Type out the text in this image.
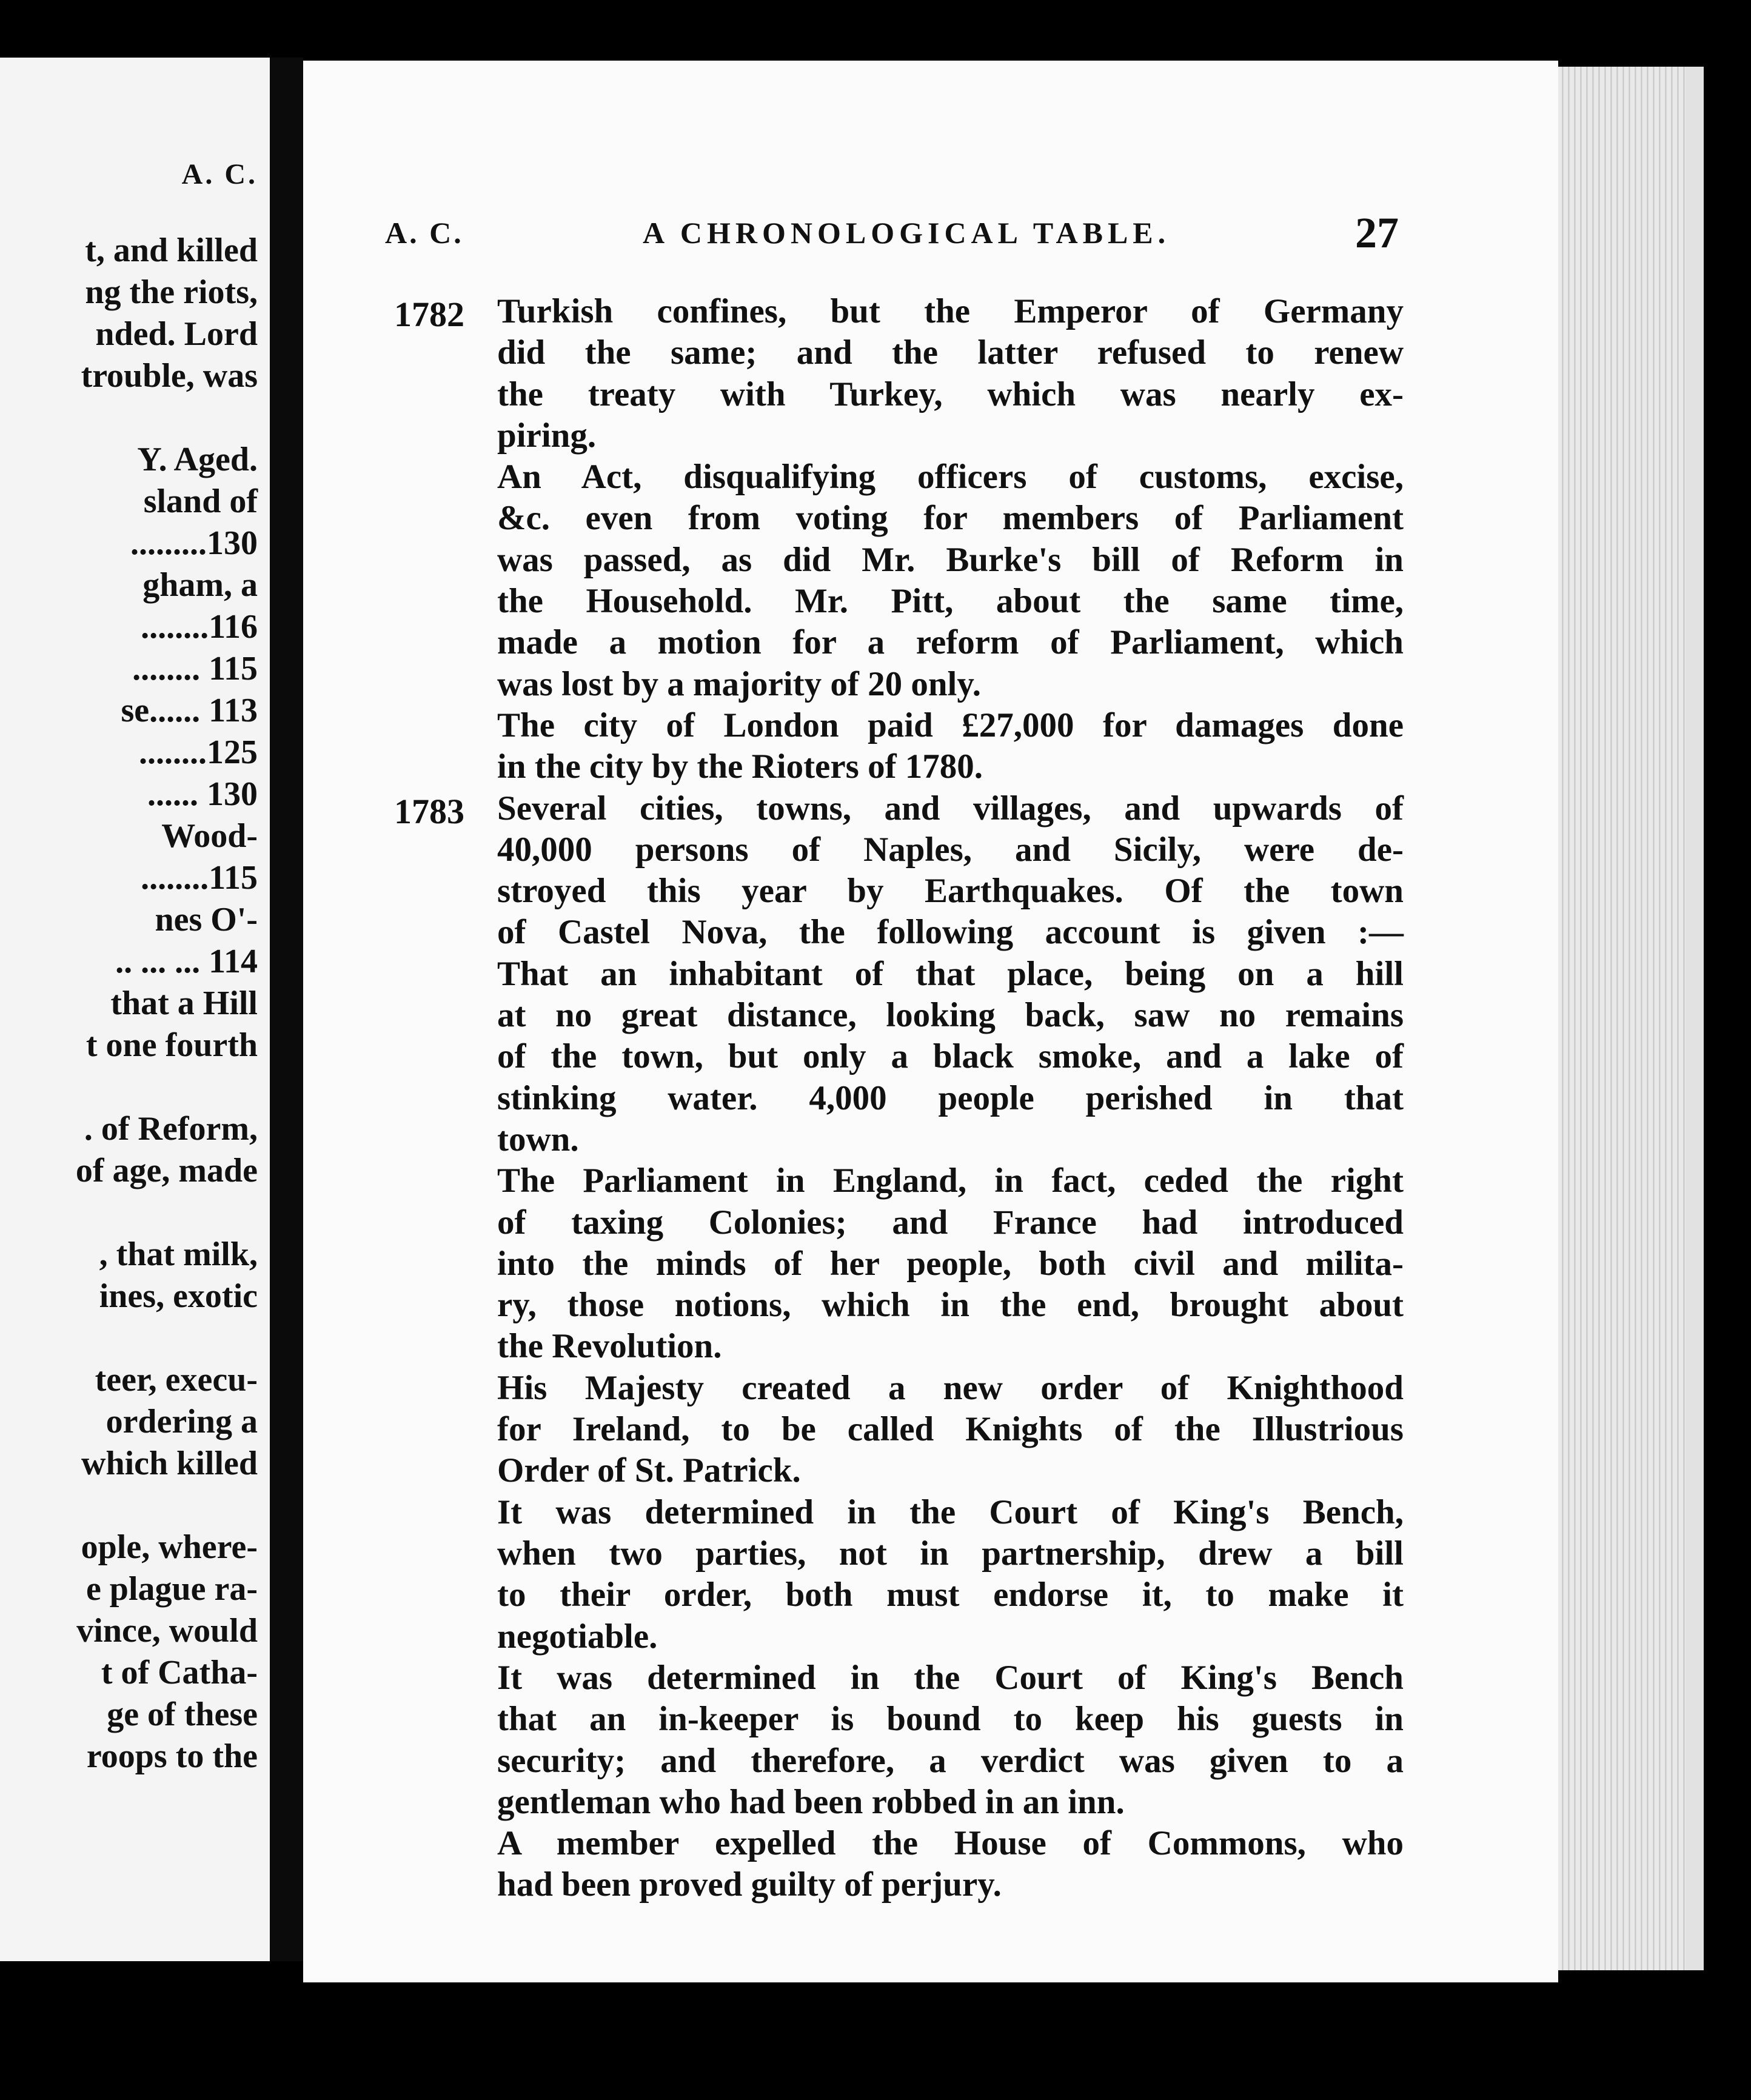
A. C.
t, and killed
ng the riots,
nded. Lord
trouble, was
Y. Aged.
sland of
.........130
gham, a
........116
........ 115
se...... 113
........125
...... 130
Wood-
........115
nes O'-
.. ... ... 114
that a Hill
t one fourth
. of Reform,
of age, made
, that milk,
ines, exotic
teer, execu-
ordering a
which killed
ople, where-
e plague ra-
vince, would
t of Catha-
ge of these
roops to the
A. C.	A CHRONOLOGICAL TABLE.	27
1782 Turkish confines, but the Emperor of Germany
did the same; and the latter refused to renew
the treaty with Turkey, which was nearly ex-
piring.
An Act, disqualifying officers of customs, excise,
&c. even from voting for members of Parliament
was passed, as did Mr. Burke's bill of Reform in
the Household. Mr. Pitt, about the same time,
made a motion for a reform of Parliament, which
was lost by a majority of 20 only.
The city of London paid £27,000 for damages done
in the city by the Rioters of 1780.
1783 Several cities, towns, and villages, and upwards of
40,000 persons of Naples, and Sicily, were de-
stroyed this year by Earthquakes. Of the town
of Castel Nova, the following account is given :—
That an inhabitant of that place, being on a hill
at no great distance, looking back, saw no remains
of the town, but only a black smoke, and a lake of
stinking water. 4,000 people perished in that
town.
The Parliament in England, in fact, ceded the right
of taxing Colonies; and France had introduced
into the minds of her people, both civil and milita-
ry, those notions, which in the end, brought about
the Revolution.
His Majesty created a new order of Knighthood
for Ireland, to be called Knights of the Illustrious
Order of St. Patrick.
It was determined in the Court of King's Bench,
when two parties, not in partnership, drew a bill
to their order, both must endorse it, to make it
negotiable.
It was determined in the Court of King's Bench
that an in-keeper is bound to keep his guests in
security; and therefore, a verdict was given to a
gentleman who had been robbed in an inn.
A member expelled the House of Commons, who
had been proved guilty of perjury.
